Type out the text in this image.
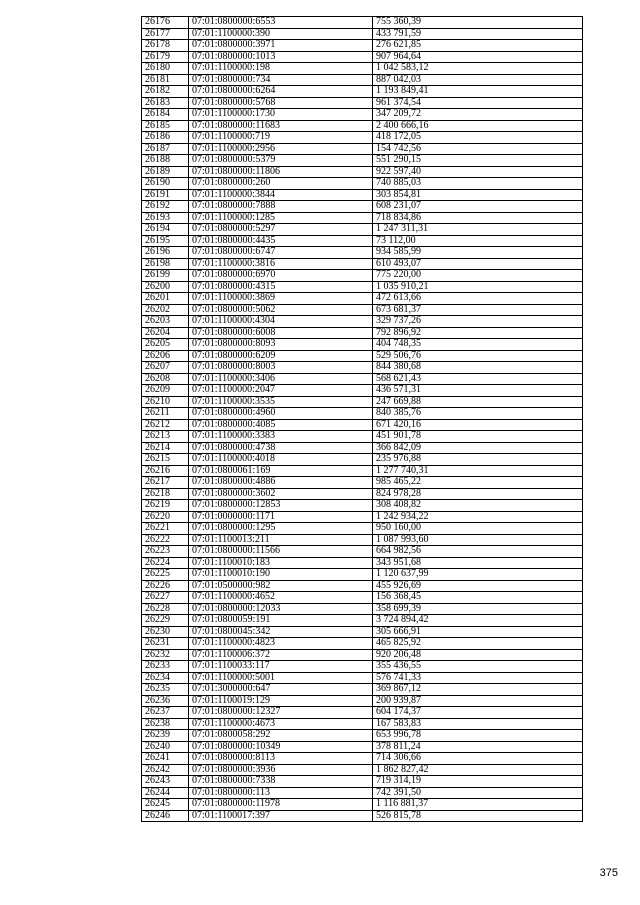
26176	07:01:0800000:6553	755 360,39
26177	07:01:1100000:390	433 791,59
26178	07:01:0800000:3971	276 621,85
26179	07:01:0800000:1013	907 964,64
26180	07:01:1100000:198	1 042 583,12
26181	07:01:0800000:734	887 042,03
26182	07:01:0800000:6264	1 193 849,41
26183	07:01:0800000:5768	961 374,54
26184	07:01:1100000:1730	347 209,72
26185	07:01:0800000:11683	2 400 666,16
26186	07:01:1100000:719	418 172,05
26187	07:01:1100000:2956	154 742,56
26188	07:01:0800000:5379	551 290,15
26189	07:01:0800000:11806	922 597,40
26190	07:01:0800000:260	740 885,03
26191	07:01:1100000:3844	303 854,81
26192	07:01:0800000:7888	608 231,07
26193	07:01:1100000:1285	718 834,86
26194	07:01:0800000:5297	1 247 311,31
26195	07:01:0800000:4435	73 112,00
26196	07:01:0800000:6747	934 585,99
26198	07:01:1100000:3816	610 493,07
26199	07:01:0800000:6970	775 220,00
26200	07:01:0800000:4315	1 035 910,21
26201	07:01:1100000:3869	472 613,66
26202	07:01:0800000:5062	673 681,37
26203	07:01:1100000:4304	329 737,26
26204	07:01:0800000:6008	792 896,92
26205	07:01:0800000:8093	404 748,35
26206	07:01:0800000:6209	529 506,76
26207	07:01:0800000:8003	844 380,68
26208	07:01:1100000:3406	568 621,43
26209	07:01:1100000:2047	436 571,31
26210	07:01:1100000:3535	247 669,88
26211	07:01:0800000:4960	840 385,76
26212	07:01:0800000:4085	671 420,16
26213	07:01:1100000:3383	451 901,78
26214	07:01:0800000:4738	366 842,09
26215	07:01:1100000:4018	235 976,88
26216	07:01:0800061:169	1 277 740,31
26217	07:01:0800000:4886	985 465,22
26218	07:01:0800000:3602	824 978,28
26219	07:01:0800000:12853	308 408,82
26220	07:01:0000000:1171	1 242 934,22
26221	07:01:0800000:1295	950 160,00
26222	07:01:1100013:211	1 087 993,60
26223	07:01:0800000:11566	664 982,56
26224	07:01:1100010:183	343 951,68
26225	07:01:1100010:190	1 120 637,99
26226	07:01:0500000:982	455 926,69
26227	07:01:1100000:4652	156 368,45
26228	07:01:0800000:12033	358 699,39
26229	07:01:0800059:191	3 724 894,42
26230	07:01:0800045:342	305 666,91
26231	07:01:1100000:4823	465 825,92
26232	07:01:1100006:372	920 206,48
26233	07:01:1100033:117	355 436,55
26234	07:01:1100000:5001	576 741,33
26235	07:01:3000000:647	369 867,12
26236	07:01:1100019:129	200 939,87
26237	07:01:0800000:12327	604 174,37
26238	07:01:1100000:4673	167 583,83
26239	07:01:0800058:292	653 996,78
26240	07:01:0800000:10349	378 811,24
26241	07:01:0800000:8113	714 306,66
26242	07:01:0800000:3936	1 862 827,42
26243	07:01:0800000:7338	719 314,19
26244	07:01:0800000:113	742 391,50
26245	07:01:0800000:11978	1 116 881,37
26246	07:01:1100017:397	526 815,78
375
